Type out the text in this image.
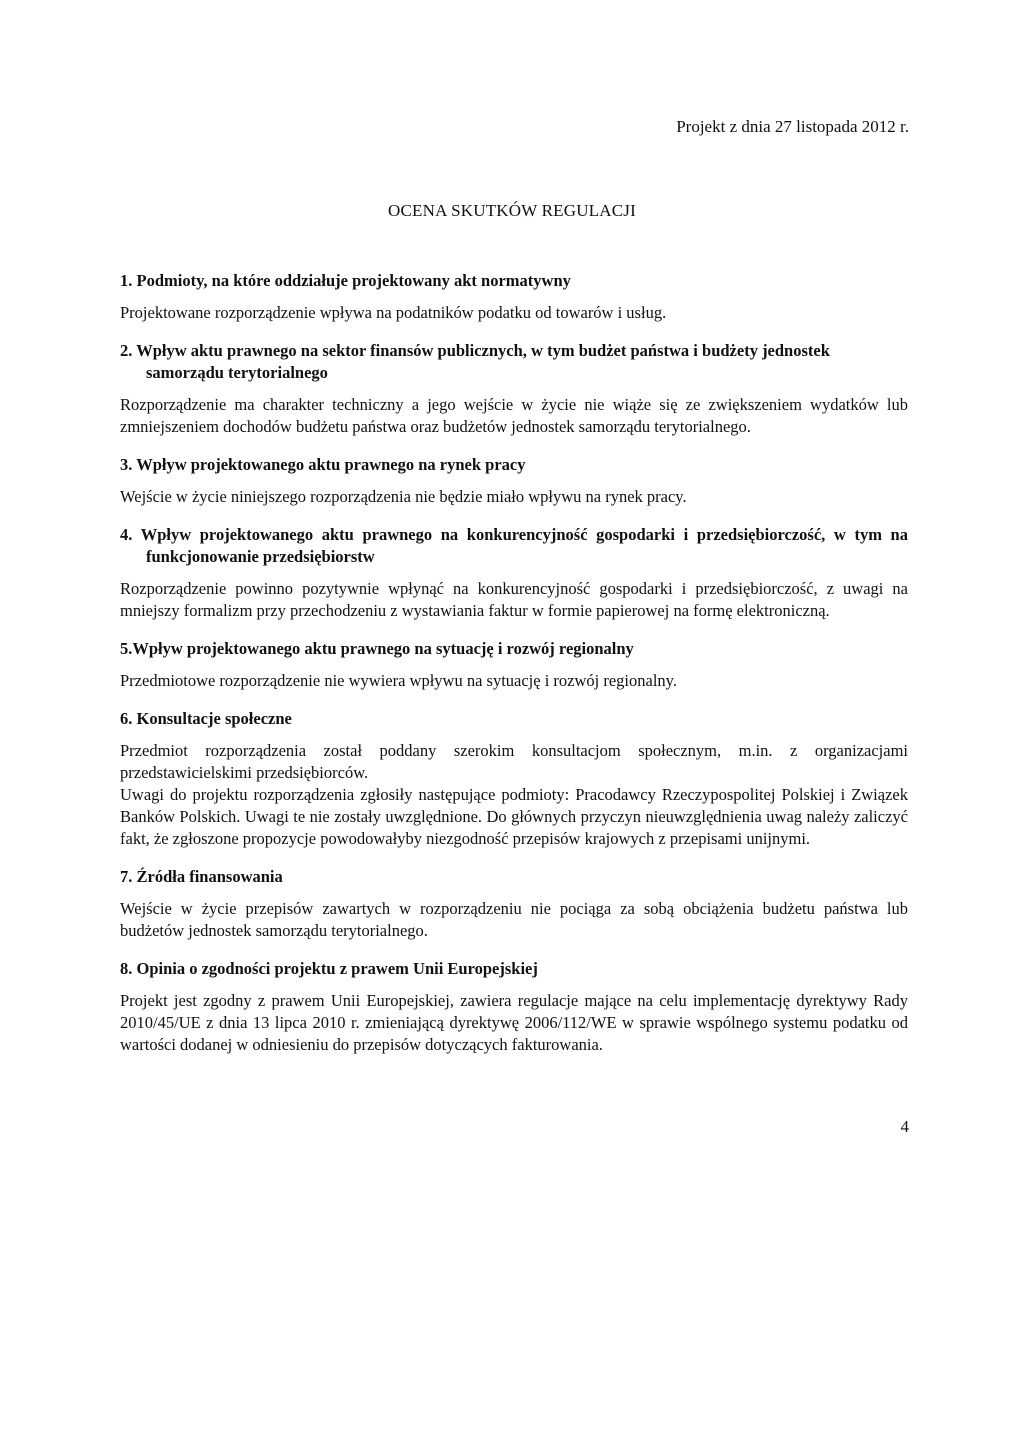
Projekt z dnia 27 listopada 2012 r.
OCENA SKUTKÓW REGULACJI
1. Podmioty, na które oddziałuje projektowany akt normatywny

Projektowane rozporządzenie wpływa na podatników podatku od towarów i usług.

2. Wpływ aktu prawnego na sektor finansów publicznych, w tym budżet państwa i budżety jednostek samorządu terytorialnego

Rozporządzenie ma charakter techniczny a jego wejście w życie nie wiąże się ze zwiększeniem wydatków lub zmniejszeniem dochodów budżetu państwa oraz budżetów jednostek samorządu terytorialnego.

3. Wpływ projektowanego aktu prawnego na rynek pracy

Wejście w życie niniejszego rozporządzenia nie będzie miało wpływu na rynek pracy.

4. Wpływ projektowanego aktu prawnego na konkurencyjność gospodarki i przedsiębiorczość, w tym na funkcjonowanie przedsiębiorstw

Rozporządzenie powinno pozytywnie wpłynąć na konkurencyjność gospodarki i przedsiębiorczość, z uwagi na mniejszy formalizm przy przechodzeniu z wystawiania faktur w formie papierowej na formę elektroniczną.

5.Wpływ projektowanego aktu prawnego na sytuację i rozwój regionalny

Przedmiotowe rozporządzenie nie wywiera wpływu na sytuację i rozwój regionalny.

6. Konsultacje społeczne

Przedmiot rozporządzenia został poddany szerokim konsultacjom społecznym, m.in. z organizacjami przedstawicielskimi przedsiębiorców.

Uwagi do projektu rozporządzenia zgłosiły następujące podmioty: Pracodawcy Rzeczypospolitej Polskiej i Związek Banków Polskich. Uwagi te nie zostały uwzględnione. Do głównych przyczyn nieuwzględnienia uwag należy zaliczyć fakt, że zgłoszone propozycje powodowałyby niezgodność przepisów krajowych z przepisami unijnymi.

7. Źródła finansowania

Wejście w życie przepisów zawartych w rozporządzeniu nie pociąga za sobą obciążenia budżetu państwa lub budżetów jednostek samorządu terytorialnego.

8. Opinia o zgodności projektu z prawem Unii Europejskiej

Projekt jest zgodny z prawem Unii Europejskiej, zawiera regulacje mające na celu implementację dyrektywy Rady 2010/45/UE z dnia 13 lipca 2010 r. zmieniającą dyrektywę 2006/112/WE w sprawie wspólnego systemu podatku od wartości dodanej w odniesieniu do przepisów dotyczących fakturowania.

4
